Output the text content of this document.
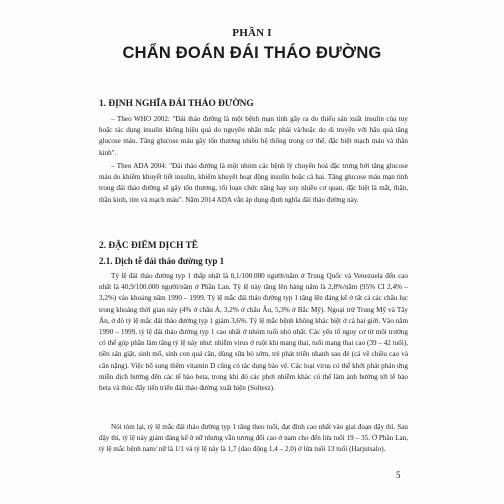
PHẦN I
CHẨN ĐOÁN ĐÁI THÁO ĐƯỜNG
1. ĐỊNH NGHĨA ĐÁI THÁO ĐƯỜNG

– Theo WHO 2002: "Đái tháo đường là một bệnh mạn tính gây ra do thiếu sản xuất insulin của tuy hoặc tác dụng insulin không hiệu quả do nguyên nhân mắc phải và/hoặc do di truyền với hậu quả tăng glucose máu. Tăng glucose máu gây tổn thương nhiều hệ thống trong cơ thể, đặc biệt mạch máu và thần kinh".

– Theo ADA 2004: "Đái tháo đường là một nhóm các bệnh lý chuyển hoá đặc trưng bởi tăng glucose máu do khiếm khuyết tiết insulin, khiếm khuyết hoạt động insulin hoặc cả hai. Tăng glucose máu mạn tính trong đái tháo đường sẽ gây tổn thương, rối loạn chức năng hay suy nhiều cơ quan, đặc biệt là mắt, thận, thần kinh, tim và mạch máu". Năm 2014 ADA vẫn áp dụng định nghĩa đái tháo đường này.

2. ĐẶC ĐIỂM DỊCH TỄ
2.1. Dịch tễ đái tháo đường typ 1

Tỷ lệ đái tháo đường typ 1 thấp nhất là 0,1/100.000 người/năm ở Trung Quốc và Venezuela đến cao nhất là 40,9/100.000 người/năm ở Phần Lan. Tỷ lệ này tăng lên hàng năm là 2,8%/năm (95% CI 2,4% – 3,2%) vào khoảng năm 1990 – 1999. Tỷ lệ mắc đái tháo đường typ 1 tăng lên đáng kể ở tất cả các châu lục trong khoảng thời gian này (4% ở châu Á, 3,2% ở châu Âu, 5,3% ở Bắc Mỹ). Ngoại trừ Trung Mỹ và Tây Ấn, ở đó tỷ lệ mắc đái tháo đường typ 1 giảm 3,6%. Tỷ lệ mắc bệnh không khác biệt ở cả hai giới. Vào năm 1990 – 1999, tỷ lệ đái tháo đường typ 1 cao nhất ở nhóm tuổi nhỏ nhất. Các yếu tố nguy cơ từ môi trường có thể góp phần làm tăng tỷ lệ này như: nhiễm virus ở ruột khi mang thai, tuổi mang thai cao (39 – 42 tuổi), tiền sản giật, sinh mổ, sinh con quá cân, dùng sữa bò sớm, trẻ phát triển nhanh sau đẻ (cả về chiều cao và cân nặng). Việc bổ sung thêm vitamin D cũng có tác dụng bảo vệ. Các loại virus có thể khởi phát phản ứng miễn dịch hướng đến các tế bào beta, trong khi đó các phơi nhiễm khác có thể làm ảnh hưởng tới tế bào beta và thúc đẩy tiến triển đái tháo đường xuất hiện (Soltesz).

Nói tóm lại, tỷ lệ mắc đái tháo đường typ 1 tăng theo tuổi, đạt đỉnh cao nhất vào giai đoạn dậy thì. Sau dậy thì, tỷ lệ này giảm đáng kể ở nữ nhưng vẫn tương đối cao ở nam cho đến lứa tuổi 19 – 35. Ở Phần Lan, tỷ lệ mắc bệnh nam/ nữ là 1/1 và tỷ lệ này là 1,7 (dao động 1,4 – 2,0) ở lứa tuổi 13 tuổi (Harjutsalo).

5
